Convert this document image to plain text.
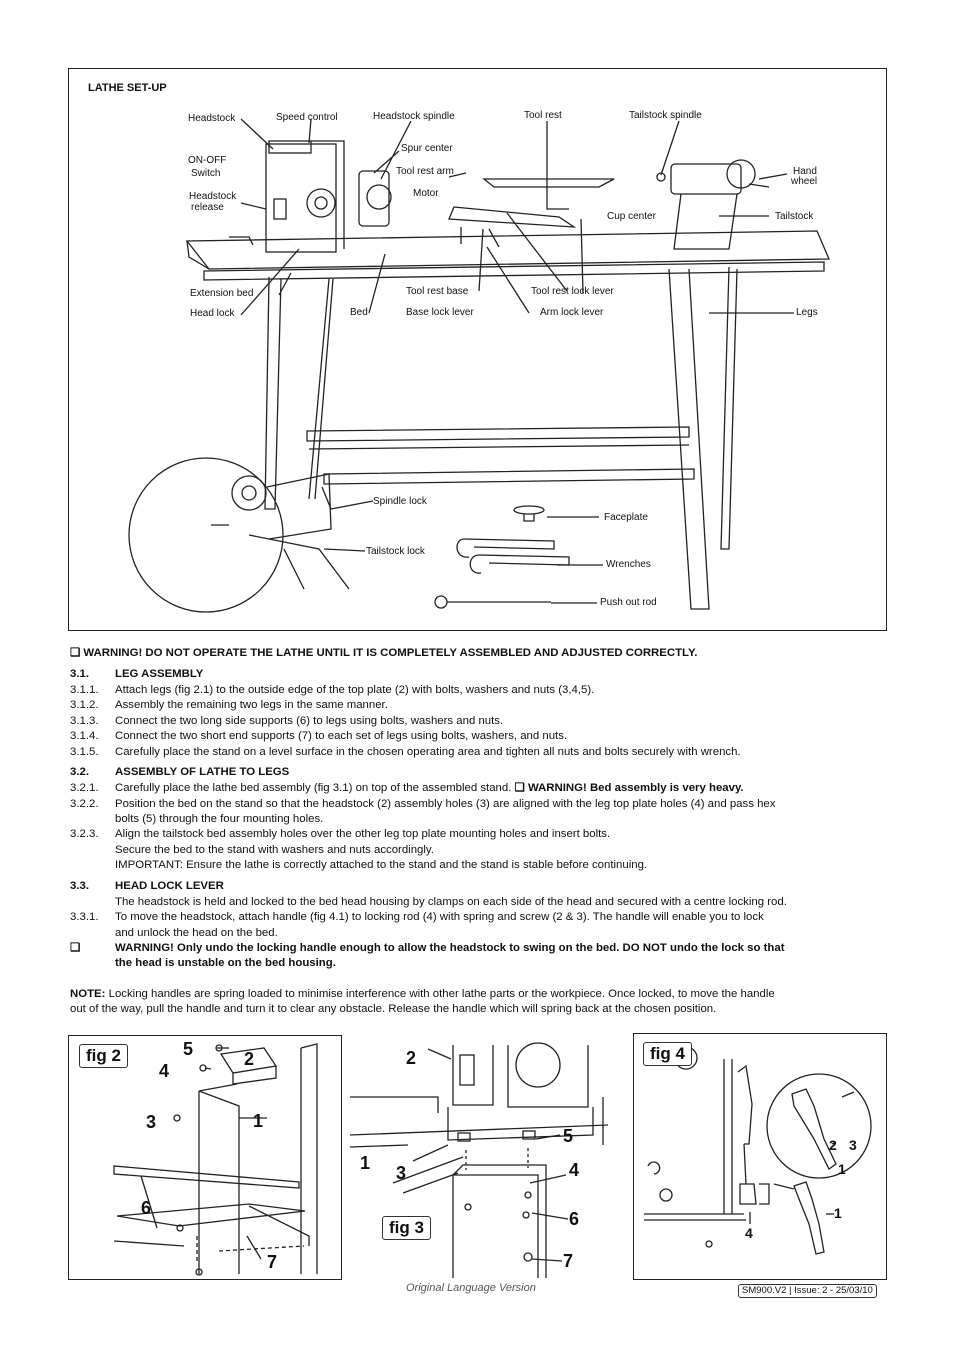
LATHE SET-UP
Headstock	Speed control	Headstock spindle	Tool rest	Tailstock spindle
Spur center
ON-OFF
Switch	Tool rest arm	Hand
wheel
Motor
Headstock
release
Cup center	Tailstock
Extension bed	Tool rest base	Tool rest lock lever
Head lock	Bed	Base lock lever	Arm lock lever	Legs
Spindle lock
Faceplate
Tailstock lock
Wrenches
Push out rod
❏ WARNING! DO NOT OPERATE THE LATHE UNTIL IT IS COMPLETELY ASSEMBLED AND ADJUSTED CORRECTLY.
3.1. LEG ASSEMBLY
3.1.1. Attach legs (fig 2.1) to the outside edge of the top plate (2) with bolts, washers and nuts (3,4,5).
3.1.2. Assembly the remaining two legs in the same manner.
3.1.3. Connect the two long side supports (6) to legs using bolts, washers and nuts.
3.1.4. Connect the two short end supports (7) to each set of legs using bolts, washers, and nuts.
3.1.5. Carefully place the stand on a level surface in the chosen operating area and tighten all nuts and bolts securely with wrench.
3.2. ASSEMBLY OF LATHE TO LEGS
3.2.1. Carefully place the lathe bed assembly (fig 3.1) on top of the assembled stand. ❏ WARNING! Bed assembly is very heavy.
3.2.2. Position the bed on the stand so that the headstock (2) assembly holes (3) are aligned with the leg top plate holes (4) and pass hex
bolts (5) through the four mounting holes.
3.2.3. Align the tailstock bed assembly holes over the other leg top plate mounting holes and insert bolts.
Secure the bed to the stand with washers and nuts accordingly.
IMPORTANT: Ensure the lathe is correctly attached to the stand and the stand is stable before continuing.
3.3. HEAD LOCK LEVER
The headstock is held and locked to the bed head housing by clamps on each side of the head and secured with a centre locking rod.
3.3.1. To move the headstock, attach handle (fig 4.1) to locking rod (4) with spring and screw (2 & 3). The handle will enable you to lock
and unlock the head on the bed.
❏	WARNING! Only undo the locking handle enough to allow the headstock to swing on the bed. DO NOT undo the lock so that
the head is unstable on the bed housing.
NOTE: Locking handles are spring loaded to minimise interference with other lathe parts or the workpiece. Once locked, to move the handle
out of the way, pull the handle and turn it to clear any obstacle. Release the handle which will spring back at the chosen position.
fig 2	5	2
4
3	1
6
7
2
5
1 3	4
fig 3	6
7
fig 4
2 3
1
1
4
Original Language Version	SM900.V2 | Issue: 2 - 25/03/10
